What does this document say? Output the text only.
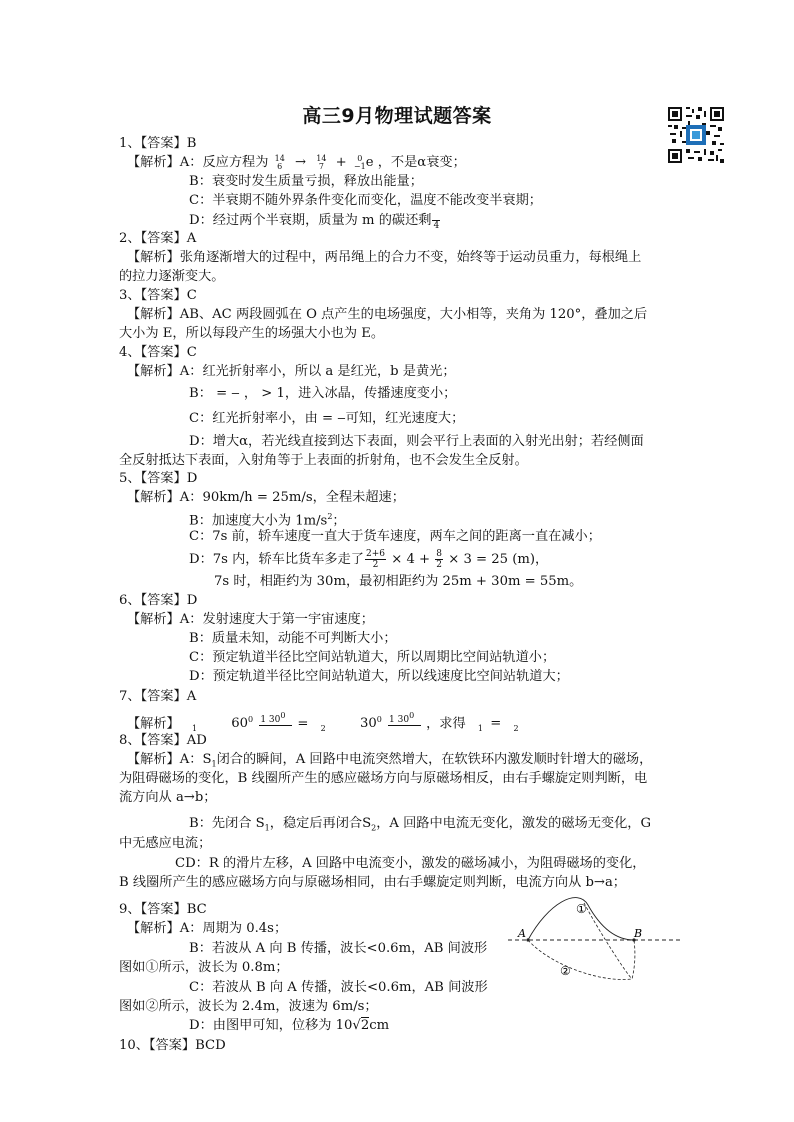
高三9月物理试题答案
1、【答案】B
【解析】A：反应方程为 14
6 → 14
7 +	0
−1 e ，不是α衰变；
B：衰变时发生质量亏损，释放出能量；
C：半衰期不随外界条件变化而变化，温度不能改变半衰期；
D：经过两个半衰期，质量为 m 的碳还剩
4
2、【答案】A
【解析】张角逐渐增大的过程中，两吊绳上的合力不变，始终等于运动员重力，每根绳上
的拉力逐渐变大。
3、【答案】C
【解析】AB、AC 两段圆弧在 O 点产生的电场强度，大小相等，夹角为 120°，叠加之后
大小为 E，所以每段产生的场强大小也为 E。
4、【答案】C
【解析】A：红光折射率小，所以 a 是红光，b 是黄光；
B： = ‒ ， > 1，进入冰晶，传播速度变小；
C：红光折射率小，由 = ‒可知，红光速度大；
D：增大α，若光线直接到达下表面，则会平行上表面的入射光出射；若经侧面
全反射抵达下表面，入射角等于上表面的折射角，也不会发生全反射。
5、【答案】D
【解析】A：90km/h = 25m/s，全程未超速；
B：加速度大小为 $1m/s^2$；
C：7s 前，轿车速度一直大于货车速度，两车之间的距离一直在减小；
D：7s 内，轿车比货车多走了 $\frac{2+6}{2} \times 4 + \frac{8}{2} \times 3 = 25$ (m)，
7s 时，相距约为 30m，最初相距约为 25m + 30m = 55m。
6、【答案】D
【解析】A：发射速度大于第一宇宙速度；
B：质量未知，动能不可判断大小；
C：预定轨道半径比空间站轨道大，所以周期比空间站轨道小；
D：预定轨道半径比空间站轨道大，所以线速度比空间站轨道大；
7、【答案】A
【解析】 $_1$	$60^0$ 1 $30^0$

= $_2$	$30^0$ 1 $30^0$

，求得 $_1$ = $_2$
8、【答案】AD
【解析】A：$S_1$闭合的瞬间，A 回路中电流突然增大，在软铁环内激发顺时针增大的磁场，
为阻碍磁场的变化，B 线圈所产生的感应磁场方向与原磁场相反，由右手螺旋定则判断，电
流方向从 a→b；
B：先闭合 $S_1$，稳定后再闭合$S_2$，A 回路中电流无变化，激发的磁场无变化，G
中无感应电流；
CD：R 的滑片左移，A 回路中电流变小，激发的磁场减小，为阻碍磁场的变化，
B 线圈所产生的感应磁场方向与原磁场相同，由右手螺旋定则判断，电流方向从 b→a；
9、【答案】BC
【解析】A：周期为 0.4s；
B：若波从 A 向 B 传播，波长<0.6m，AB 间波形
图如①所示，波长为 0.8m；
C：若波从 B 向 A 传播，波长<0.6m，AB 间波形
图如②所示，波长为 2.4m，波速为 6m/s；
D：由图甲可知，位移为 10√2cm
A	B
①
②
10、【答案】BCD
